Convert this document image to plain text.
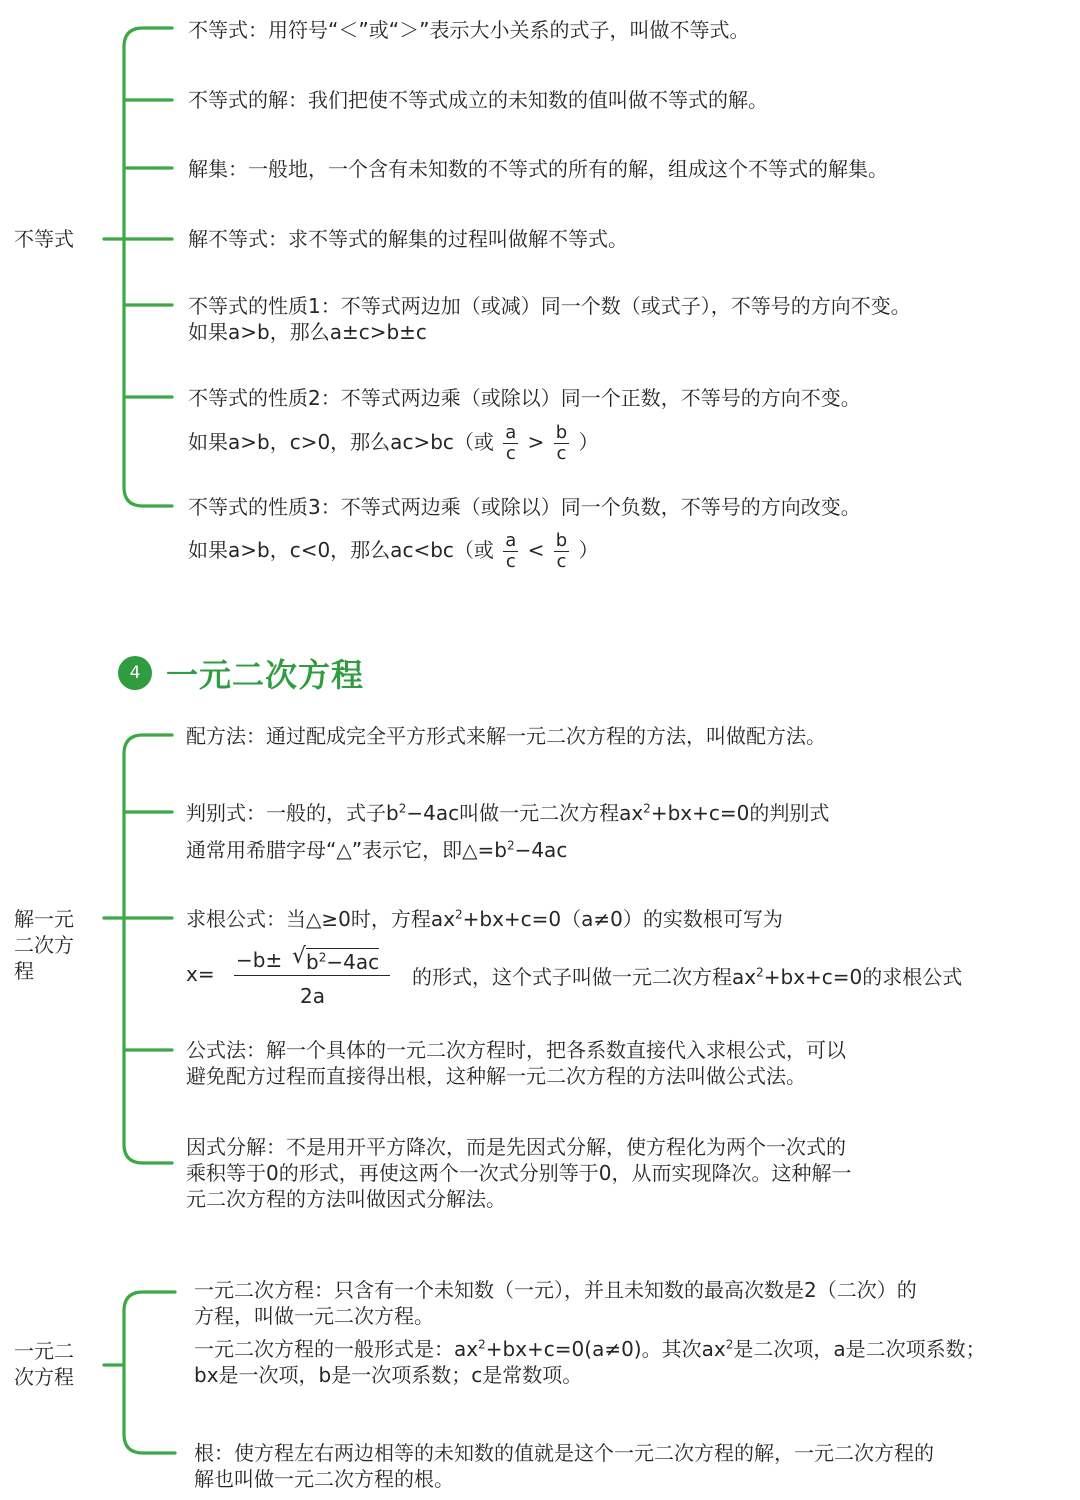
不等式
不等式：用符号“＜”或“＞”表示大小关系的式子，叫做不等式。
不等式的解：我们把使不等式成立的未知数的值叫做不等式的解。
解集：一般地，一个含有未知数的不等式的所有的解，组成这个不等式的解集。
解不等式：求不等式的解集的过程叫做解不等式。
不等式的性质1：不等式两边加（或减）同一个数（或式子），不等号的方向不变。
如果a>b，那么a±c>b±c
不等式的性质2：不等式两边乘（或除以）同一个正数，不等号的方向不变。
如果a>b，c>0，那么ac>bc（或 $\frac{a}{c} > \frac{b}{c}$ ）
不等式的性质3：不等式两边乘（或除以）同一个负数，不等号的方向改变。
如果a>b，c<0，那么ac<bc（或 $\frac{a}{c} < \frac{b}{c}$ ）
4 一元二次方程
解一元
二次方
程
配方法：通过配成完全平方形式来解一元二次方程的方法，叫做配方法。
判别式：一般的，式子$b^2-4ac$叫做一元二次方程$ax^2+bx+c=0$的判别式
通常用希腊字母“△”表示它，即$\triangle=b^2-4ac$
求根公式：当△≥0时，方程$ax^2+bx+c=0(a\ne 0)$的实数根可写为
x=
−b± √ $b^2-4ac$
2a
的形式，这个式子叫做一元二次方程$ax^2+bx+c=0$的求根公式
公式法：解一个具体的一元二次方程时，把各系数直接代入求根公式，可以
避免配方过程而直接得出根，这种解一元二次方程的方法叫做公式法。
因式分解：不是用开平方降次，而是先因式分解，使方程化为两个一次式的
乘积等于0的形式，再使这两个一次式分别等于0，从而实现降次。这种解一
元二次方程的方法叫做因式分解法。
一元二
次方程
一元二次方程：只含有一个未知数（一元），并且未知数的最高次数是2（二次）的
方程，叫做一元二次方程。
一元二次方程的一般形式是：$ax^2+bx+c=0(a\ne 0)$。其次$ax^2$是二次项，a是二次项系数；
bx是一次项，b是一次项系数；c是常数项。
根：使方程左右两边相等的未知数的值就是这个一元二次方程的解，一元二次方程的
解也叫做一元二次方程的根。
